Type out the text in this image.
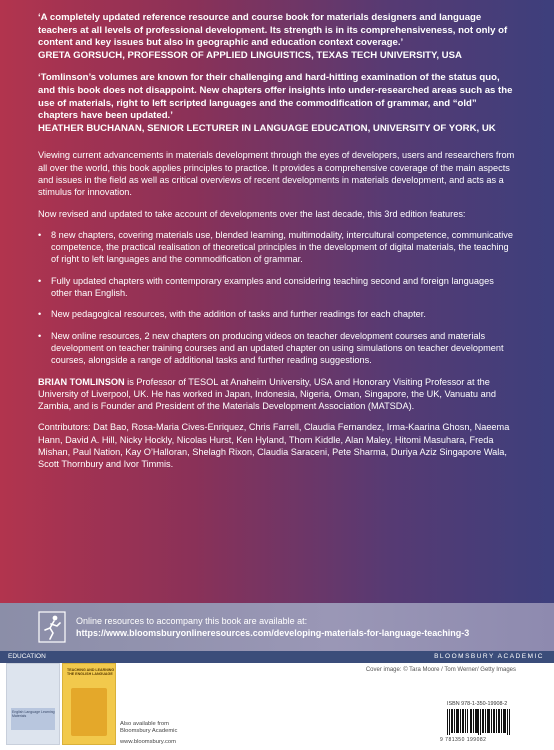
‘A completely updated reference resource and course book for materials designers and language teachers at all levels of professional development. Its strength is in its comprehensiveness, not only of content and key issues but also in geographic and education context coverage.’
GRETA GORSUCH, PROFESSOR OF APPLIED LINGUISTICS, TEXAS TECH UNIVERSITY, USA

‘Tomlinson’s volumes are known for their challenging and hard-hitting examination of the status quo, and this book does not disappoint. New chapters offer insights into under-researched areas such as the use of materials, right to left scripted languages and the commodification of grammar, and “old” chapters have been updated.’
HEATHER BUCHANAN, SENIOR LECTURER IN LANGUAGE EDUCATION, UNIVERSITY OF YORK, UK

Viewing current advancements in materials development through the eyes of developers, users and researchers from all over the world, this book applies principles to practice. It provides a comprehensive coverage of the main aspects and issues in the field as well as critical overviews of recent developments in materials development, and acts as a stimulus for innovation.

Now revised and updated to take account of developments over the last decade, this 3rd edition features:

• 8 new chapters, covering materials use, blended learning, multimodality, intercultural competence, communicative competence, the practical realisation of theoretical principles in the development of digital materials, the teaching of right to left languages and the commodification of grammar.
• Fully updated chapters with contemporary examples and considering teaching second and foreign languages other than English.
• New pedagogical resources, with the addition of tasks and further readings for each chapter.
• New online resources, 2 new chapters on producing videos on teacher development courses and materials development on teacher training courses and an updated chapter on using simulations on teacher development courses, alongside a range of additional tasks and further reading suggestions.

BRIAN TOMLINSON is Professor of TESOL at Anaheim University, USA and Honorary Visiting Professor at the University of Liverpool, UK. He has worked in Japan, Indonesia, Nigeria, Oman, Singapore, the UK, Vanuatu and Zambia, and is Founder and President of the Materials Development Association (MATSDA).

Contributors: Dat Bao, Rosa-Maria Cives-Enriquez, Chris Farrell, Claudia Fernandez, Irma-Kaarina Ghosn, Naeema Hann, David A. Hill, Nicky Hockly, Nicolas Hurst, Ken Hyland, Thom Kiddle, Alan Maley, Hitomi Masuhara, Freda Mishan, Paul Nation, Kay O’Halloran, Shelagh Rixon, Claudia Saraceni, Pete Sharma, Duriya Aziz Singapore Wala, Scott Thornbury and Ivor Timmis.

Online resources to accompany this book are available at:
https://www.bloomsburyonlineresources.com/developing-materials-for-language-teaching-3
EDUCATION	BLOOMSBURY ACADEMIC
English Language Learning Materials
TEACHING AND LEARNING THE ENGLISH LANGUAGE
Also available from
Bloomsbury Academic
www.bloomsbury.com
Cover image: © Tara Moore / Tom Werner/ Getty Images
ISBN 978-1-350-19908-2
9 781350 199082
